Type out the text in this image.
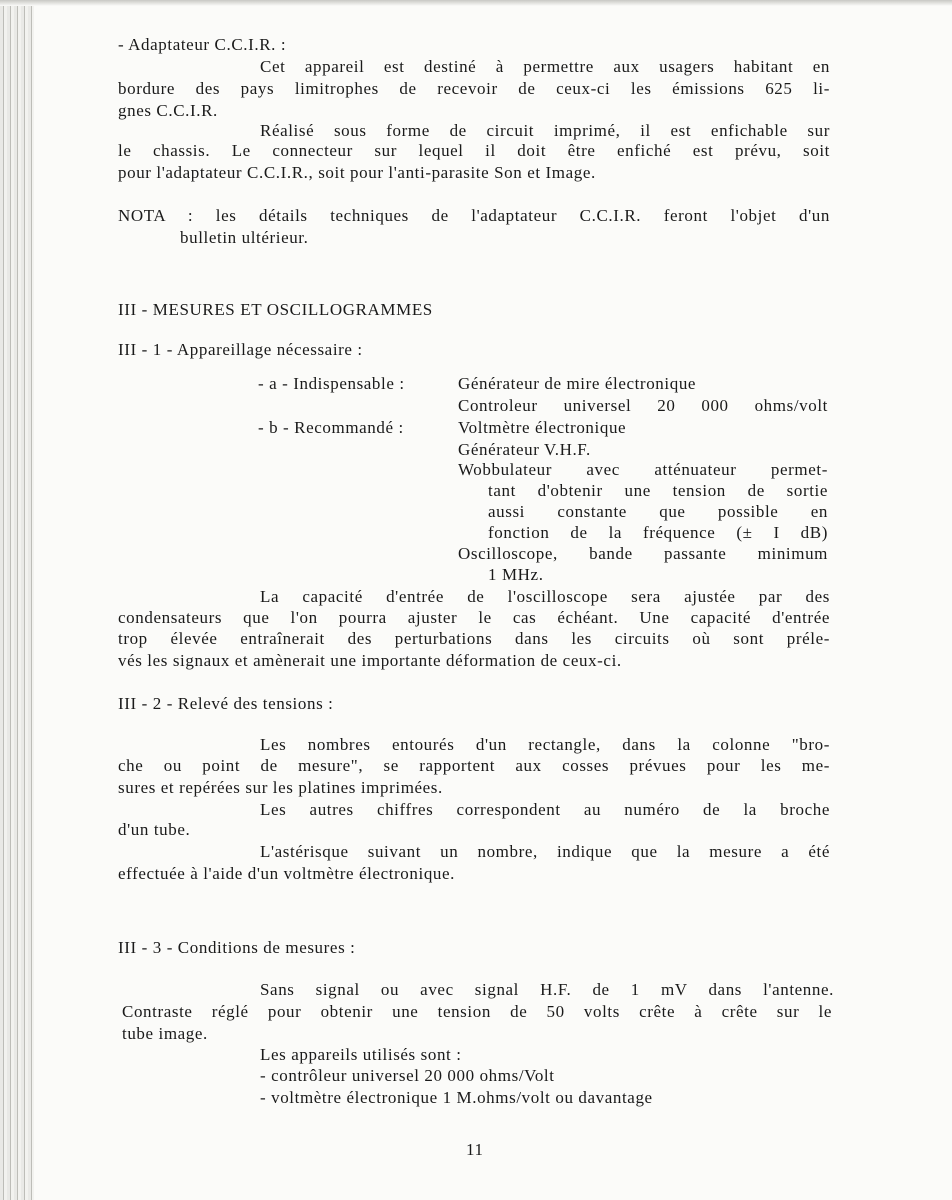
- Adaptateur C.C.I.R. :
Cet appareil est destiné à permettre aux usagers habitant en
bordure des pays limitrophes de recevoir de ceux-ci les émissions 625 li-
gnes C.C.I.R.
Réalisé sous forme de circuit imprimé, il est enfichable sur
le chassis. Le connecteur sur lequel il doit être enfiché est prévu, soit
pour l'adaptateur C.C.I.R., soit pour l'anti-parasite Son et Image.
NOTA : les détails techniques de l'adaptateur C.C.I.R. feront l'objet d'un
bulletin ultérieur.
III - MESURES ET OSCILLOGRAMMES
III - 1 - Appareillage nécessaire :
- a - Indispensable :	Générateur de mire électronique
Controleur universel 20 000 ohms/volt
- b - Recommandé :	Voltmètre électronique
Générateur V.H.F.
Wobbulateur avec atténuateur permet-
tant d'obtenir une tension de sortie
aussi constante que possible en
fonction de la fréquence (± I dB)
Oscilloscope, bande passante minimum
1 MHz.
La capacité d'entrée de l'oscilloscope sera ajustée par des
condensateurs que l'on pourra ajuster le cas échéant. Une capacité d'entrée
trop élevée entraînerait des perturbations dans les circuits où sont préle-
vés les signaux et amènerait une importante déformation de ceux-ci.
III - 2 - Relevé des tensions :
Les nombres entourés d'un rectangle, dans la colonne "bro-
che ou point de mesure", se rapportent aux cosses prévues pour les me-
sures et repérées sur les platines imprimées.
Les autres chiffres correspondent au numéro de la broche
d'un tube.
L'astérisque suivant un nombre, indique que la mesure a été
effectuée à l'aide d'un voltmètre électronique.
III - 3 - Conditions de mesures :
Sans signal ou avec signal H.F. de 1 mV dans l'antenne.
Contraste réglé pour obtenir une tension de 50 volts crête à crête sur le
tube image.
Les appareils utilisés sont :
- contrôleur universel 20 000 ohms/Volt
- voltmètre électronique 1 M.ohms/volt ou davantage
11
